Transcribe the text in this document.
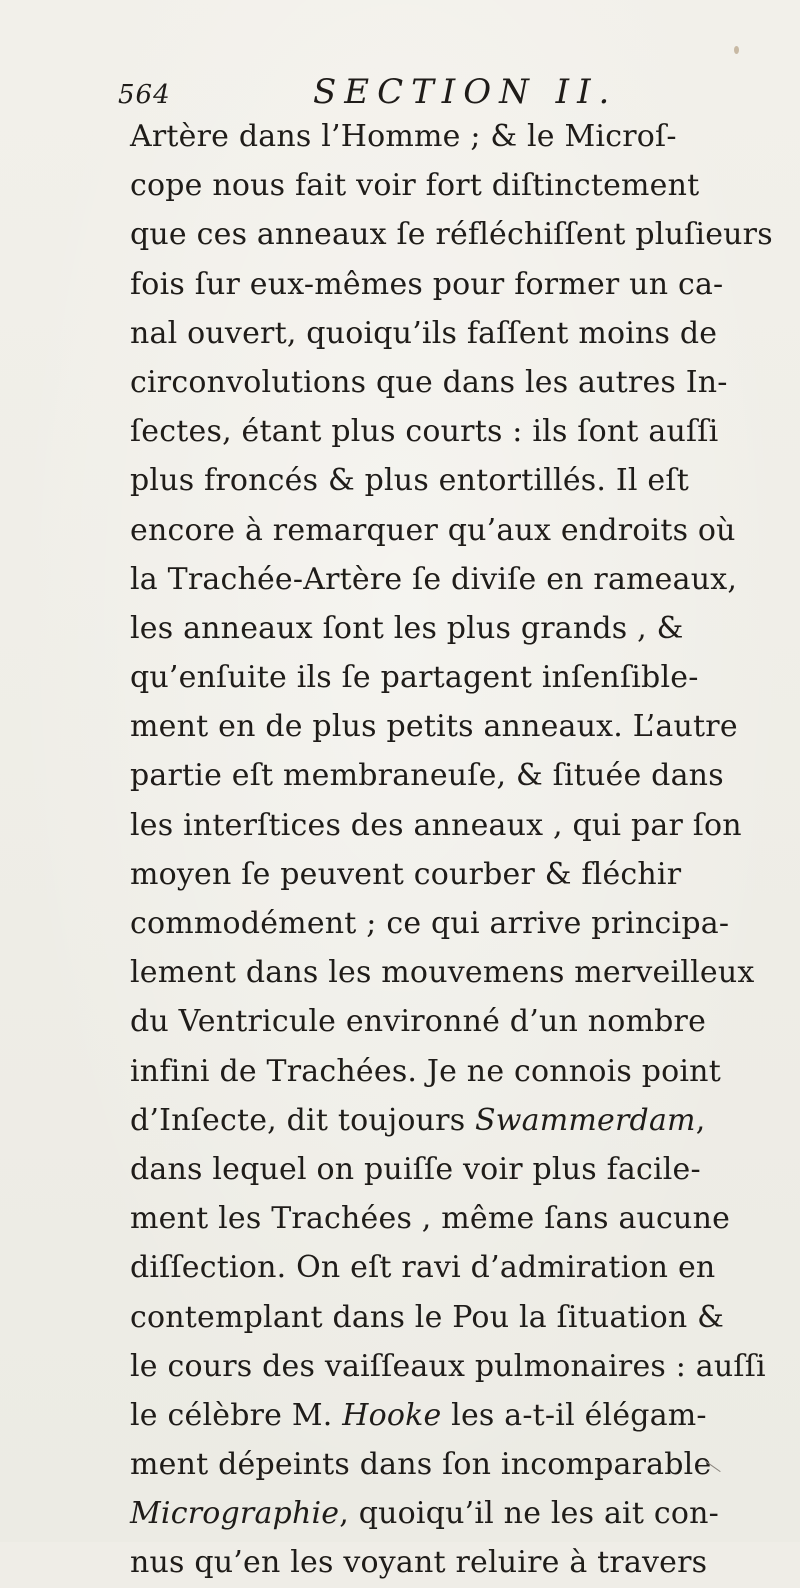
564	SECTION II.
Artère dans l’Homme ; & le Microſ-
cope nous fait voir fort diſtinctement
que ces anneaux ſe réfléchiſſent pluſieurs
fois ſur eux-mêmes pour former un ca-
nal ouvert, quoiqu’ils faſſent moins de
circonvolutions que dans les autres In-
ſectes, étant plus courts : ils ſont auſſi
plus froncés & plus entortillés. Il eſt
encore à remarquer qu’aux endroits où
la Trachée-Artère ſe diviſe en rameaux,
les anneaux ſont les plus grands , &
qu’enſuite ils ſe partagent inſenſible-
ment en de plus petits anneaux. L’autre
partie eſt membraneuſe, & ſituée dans
les interſtices des anneaux , qui par ſon
moyen ſe peuvent courber & fléchir
commodément ; ce qui arrive principa-
lement dans les mouvemens merveilleux
du Ventricule environné d’un nombre
infini de Trachées. Je ne connois point
d’Inſecte, dit toujours Swammerdam,
dans lequel on puiſſe voir plus facile-
ment les Trachées , même ſans aucune
diſſection. On eſt ravi d’admiration en
contemplant dans le Pou la ſituation &
le cours des vaiſſeaux pulmonaires : auſſi
le célèbre M. Hooke les a-t-il élégam-
ment dépeints dans ſon incomparable
Micrographie, quoiqu’il ne les ait con-
nus qu’en les voyant reluire à travers
